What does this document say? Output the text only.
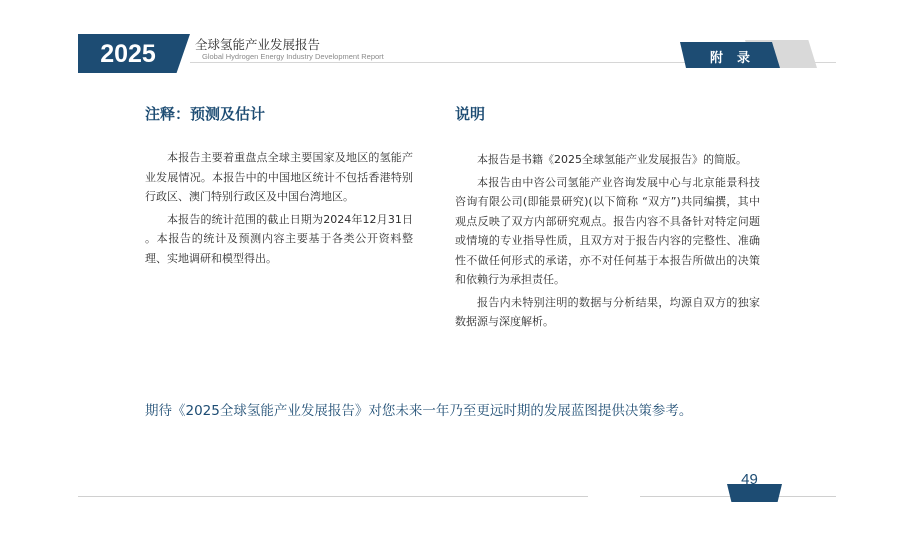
2025	全球氢能产业发展报告
Global Hydrogen Energy Industry Development Report	附录
注释：预测及估计

本报告主要着重盘点全球主要国家及地区的氢能产业发展情况。本报告中的中国地区统计不包括香港特别行政区、澳门特别行政区及中国台湾地区。

本报告的统计范围的截止日期为2024年12月31日 。本报告的统计及预测内容主要基于各类公开资料整理、实地调研和模型得出。

说明

本报告是书籍《2025全球氢能产业发展报告》的简版。

本报告由中咨公司氢能产业咨询发展中心与北京能景科技咨询有限公司(即能景研究)(以下简称 “双方”)共同编撰，其中观点反映了双方内部研究观点。报告内容不具备针对特定问题或情境的专业指导性质，且双方对于报告内容的完整性、准确性不做任何形式的承诺，亦不对任何基于本报告所做出的决策和依赖行为承担责任。

报告内未特别注明的数据与分析结果，均源自双方的独家数据源与深度解析。

期待《2025全球氢能产业发展报告》对您未来一年乃至更远时期的发展蓝图提供决策参考。
49
